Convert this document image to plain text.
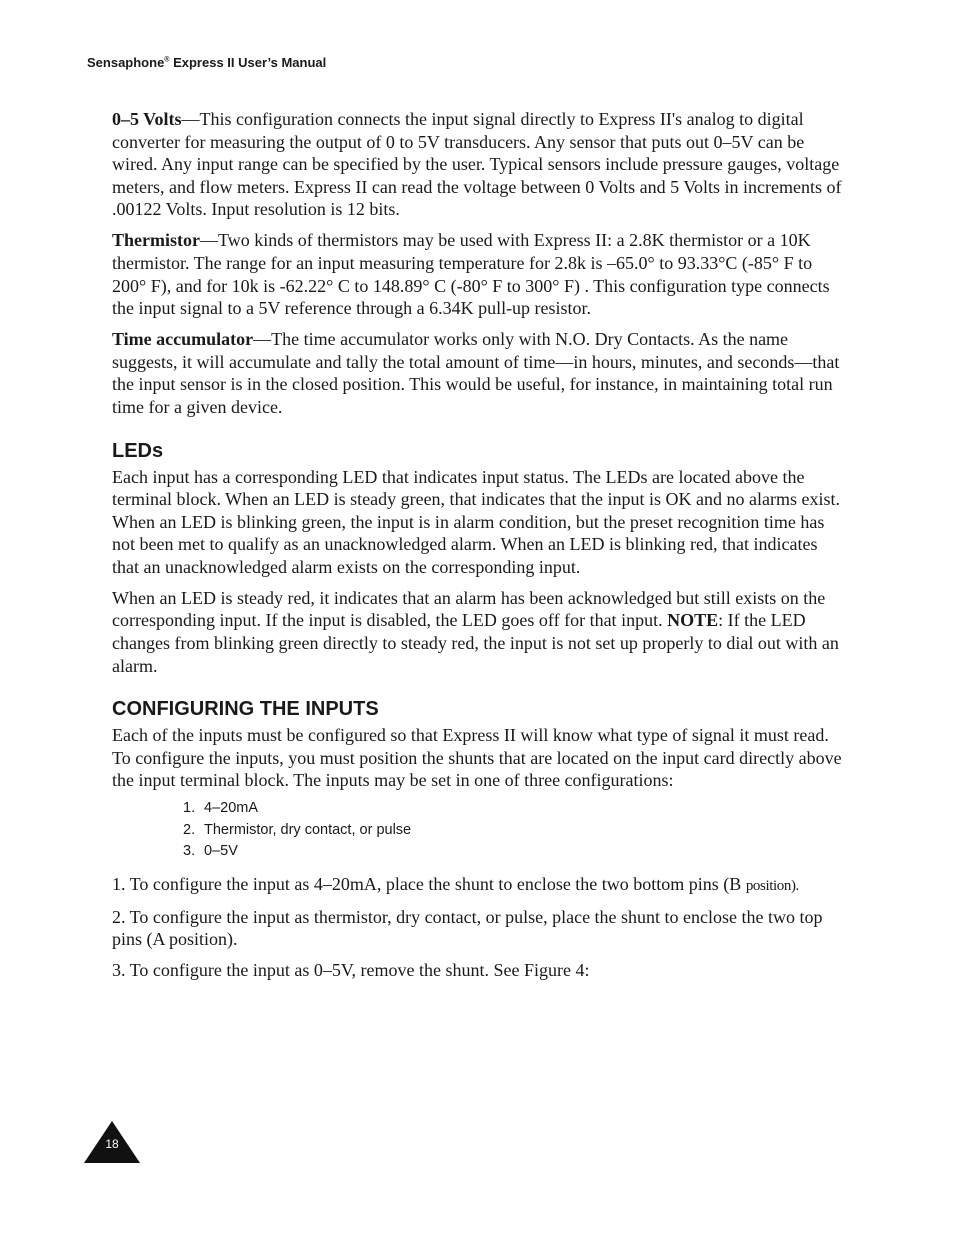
Sensaphone® Express II User’s Manual

0–5 Volts—This configuration connects the input signal directly to Express II's analog to digital converter for measuring the output of 0 to 5V transducers. Any sensor that puts out 0–5V can be wired. Any input range can be specified by the user. Typical sensors include pressure gauges, voltage meters, and flow meters. Express II can read the voltage between 0 Volts and 5 Volts in increments of .00122 Volts. Input resolution is 12 bits.

Thermistor—Two kinds of thermistors may be used with Express II: a 2.8K thermistor or a 10K thermistor. The range for an input measuring temperature for 2.8k is –65.0° to 93.33°C (-85° F to 200° F), and for 10k is -62.22° C to 148.89° C (-80° F to 300° F) . This configuration type connects the input signal to a 5V reference through a 6.34K pull-up resistor.

Time accumulator—The time accumulator works only with N.O. Dry Contacts. As the name suggests, it will accumulate and tally the total amount of time—in hours, minutes, and seconds—that the input sensor is in the closed position. This would be useful, for instance, in maintaining total run time for a given device.

LEDs

Each input has a corresponding LED that indicates input status. The LEDs are located above the terminal block. When an LED is steady green, that indicates that the input is OK and no alarms exist. When an LED is blinking green, the input is in alarm condition, but the preset recognition time has not been met to qualify as an unacknowledged alarm. When an LED is blinking red, that indicates that an unacknowledged alarm exists on the corresponding input.

When an LED is steady red, it indicates that an alarm has been acknowledged but still exists on the corresponding input. If the input is disabled, the LED goes off for that input. NOTE: If the LED changes from blinking green directly to steady red, the input is not set up properly to dial out with an alarm.

CONFIGURING THE INPUTS

Each of the inputs must be configured so that Express II will know what type of signal it must read. To configure the inputs, you must position the shunts that are located on the input card directly above the input terminal block. The inputs may be set in one of three configurations:

1. 4–20mA
2. Thermistor, dry contact, or pulse
3. 0–5V

1. To configure the input as 4–20mA, place the shunt to enclose the two bottom pins (B position).

2. To configure the input as thermistor, dry contact, or pulse, place the shunt to enclose the two top pins (A position).

3. To configure the input as 0–5V, remove the shunt. See Figure 4:

18
